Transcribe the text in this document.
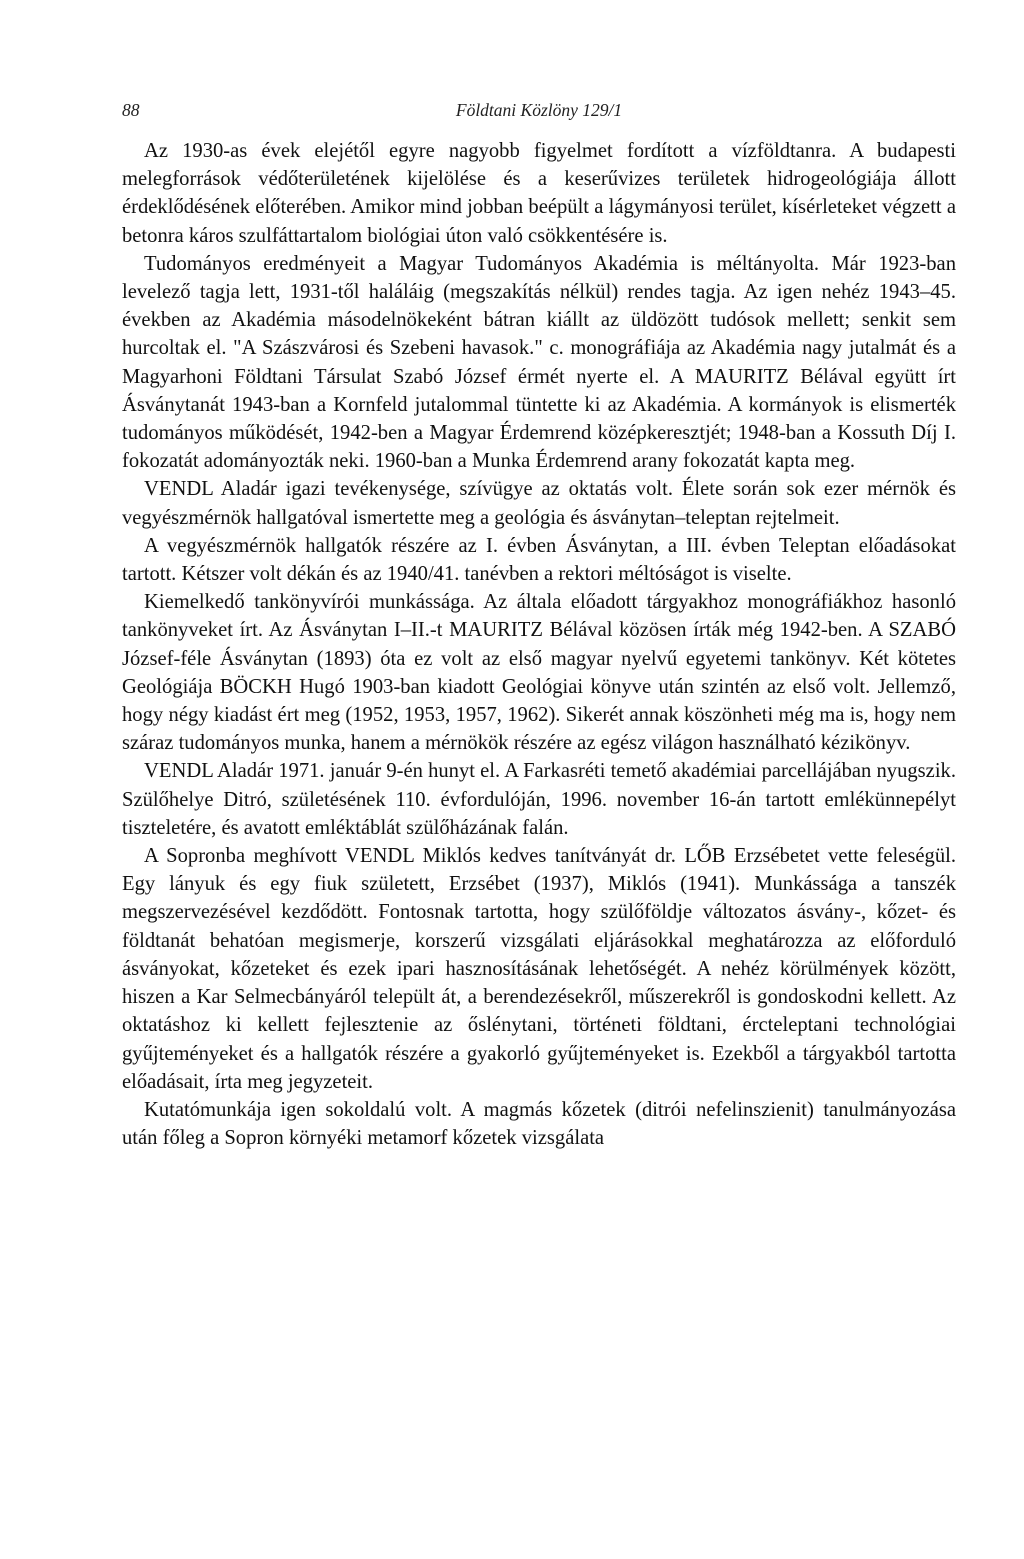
88	Földtani Közlöny 129/1

Az 1930-as évek elejétől egyre nagyobb figyelmet fordított a vízföldtanra. A budapesti melegforrások védőterületének kijelölése és a keserűvizes területek hidrogeológiája állott érdeklődésének előterében. Amikor mind jobban beépült a lágymányosi terület, kísérleteket végzett a betonra káros szulfáttartalom biológiai úton való csökkentésére is.

Tudományos eredményeit a Magyar Tudományos Akadémia is méltányolta. Már 1923-ban levelező tagja lett, 1931-től haláláig (megszakítás nélkül) rendes tagja. Az igen nehéz 1943–45. években az Akadémia másodelnökeként bátran kiállt az üldözött tudósok mellett; senkit sem hurcoltak el. "A Szászvárosi és Szebeni havasok." c. monográfiája az Akadémia nagy jutalmát és a Magyarhoni Földtani Társulat Szabó József érmét nyerte el. A MAURITZ Bélával együtt írt Ásványtanát 1943-ban a Kornfeld jutalommal tüntette ki az Akadémia. A kormányok is elismerték tudományos működését, 1942-ben a Magyar Érdemrend középkeresztjét; 1948-ban a Kossuth Díj I. fokozatát adományozták neki. 1960-ban a Munka Érdemrend arany fokozatát kapta meg.

VENDL Aladár igazi tevékenysége, szívügye az oktatás volt. Élete során sok ezer mérnök és vegyészmérnök hallgatóval ismertette meg a geológia és ásványtan–teleptan rejtelmeit.

A vegyészmérnök hallgatók részére az I. évben Ásványtan, a III. évben Teleptan előadásokat tartott. Kétszer volt dékán és az 1940/41. tanévben a rektori méltóságot is viselte.

Kiemelkedő tankönyvírói munkássága. Az általa előadott tárgyakhoz monográfiákhoz hasonló tankönyveket írt. Az Ásványtan I–II.-t MAURITZ Bélával közösen írták még 1942-ben. A SZABÓ József-féle Ásványtan (1893) óta ez volt az első magyar nyelvű egyetemi tankönyv. Két kötetes Geológiája BÖCKH Hugó 1903-ban kiadott Geológiai könyve után szintén az első volt. Jellemző, hogy négy kiadást ért meg (1952, 1953, 1957, 1962). Sikerét annak köszönheti még ma is, hogy nem száraz tudományos munka, hanem a mérnökök részére az egész világon használható kézikönyv.

VENDL Aladár 1971. január 9-én hunyt el. A Farkasréti temető akadémiai parcellájában nyugszik. Szülőhelye Ditró, születésének 110. évfordulóján, 1996. november 16-án tartott emlékünnepélyt tiszteletére, és avatott emléktáblát szülőházának falán.

A Sopronba meghívott VENDL Miklós kedves tanítványát dr. LŐB Erzsébetet vette feleségül. Egy lányuk és egy fiuk született, Erzsébet (1937), Miklós (1941). Munkássága a tanszék megszervezésével kezdődött. Fontosnak tartotta, hogy szülőföldje változatos ásvány-, kőzet- és földtanát behatóan megismerje, korszerű vizsgálati eljárásokkal meghatározza az előforduló ásványokat, kőzeteket és ezek ipari hasznosításának lehetőségét. A nehéz körülmények között, hiszen a Kar Selmecbányáról települt át, a berendezésekről, műszerekről is gondoskodni kellett. Az oktatáshoz ki kellett fejlesztenie az őslénytani, történeti földtani, ércteleptani technológiai gyűjteményeket és a hallgatók részére a gyakorló gyűjteményeket is. Ezekből a tárgyakból tartotta előadásait, írta meg jegyzeteit.

Kutatómunkája igen sokoldalú volt. A magmás kőzetek (ditrói nefelinszienit) tanulmányozása után főleg a Sopron környéki metamorf kőzetek vizsgálata
